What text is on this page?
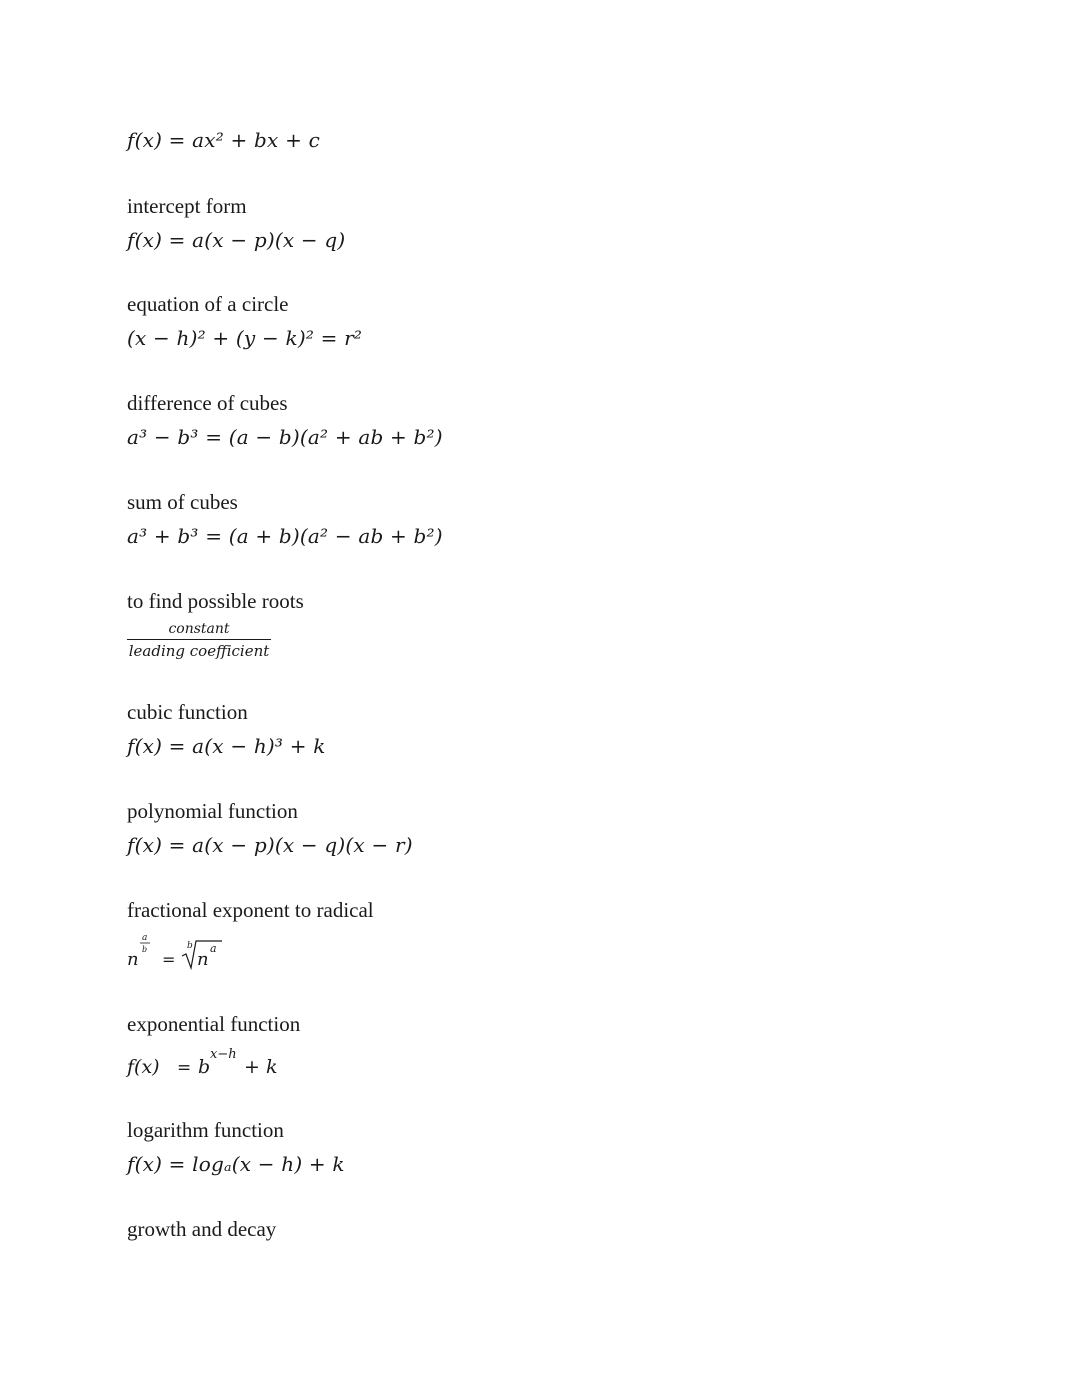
f(x) = ax² + bx + c
intercept form
f(x) = a(x − p)(x − q)
equation of a circle
(x − h)² + (y − k)² = r²
difference of cubes
a³ − b³ = (a − b)(a² + ab + b²)
sum of cubes
a³ + b³ = (a + b)(a² − ab + b²)
to find possible roots
constant
leading coefficient
cubic function
f(x) = a(x − h)³ + k
polynomial function
f(x) = a(x − p)(x − q)(x − r)
fractional exponent to radical
n
a
b
=
b
n
a
exponential function
f(x) = b
x−h
+ k
logarithm function
f(x) = logₐ(x − h) + k
growth and decay
